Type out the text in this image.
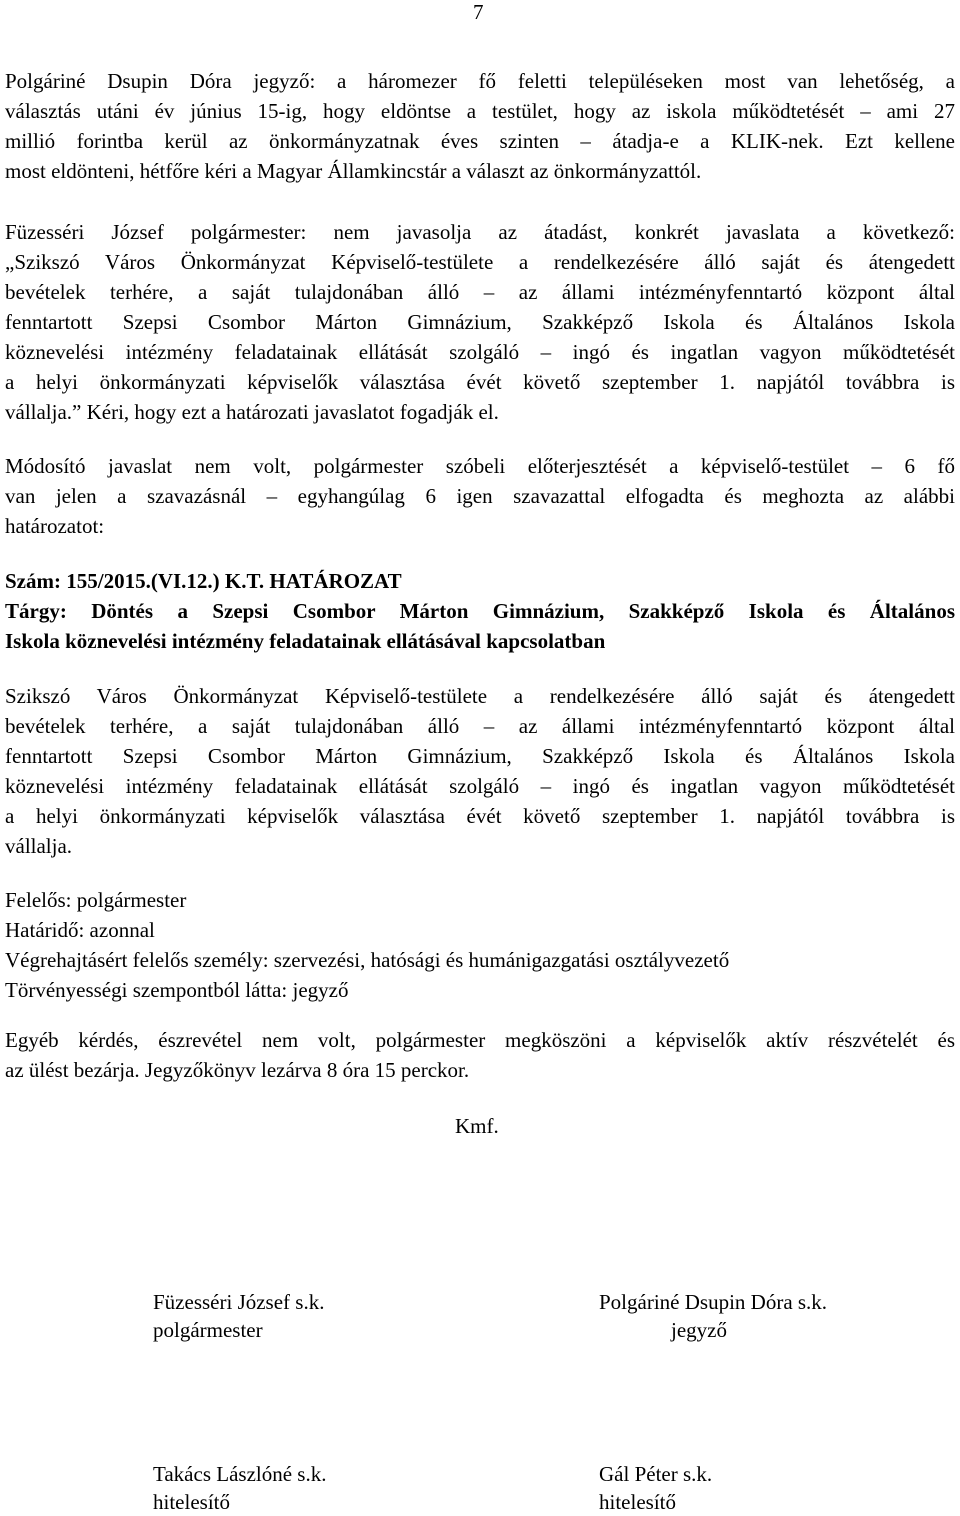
7
Polgáriné Dsupin Dóra jegyző: a háromezer fő feletti településeken most van lehetőség, a
választás utáni év június 15-ig, hogy eldöntse a testület, hogy az iskola működtetését – ami 27
millió forintba kerül az önkormányzatnak éves szinten – átadja-e a KLIK-nek. Ezt kellene
most eldönteni, hétfőre kéri a Magyar Államkincstár a választ az önkormányzattól.
Füzesséri József polgármester: nem javasolja az átadást, konkrét javaslata a következő:
„Szikszó Város Önkormányzat Képviselő-testülete a rendelkezésére álló saját és átengedett
bevételek terhére, a saját tulajdonában álló – az állami intézményfenntartó központ által
fenntartott Szepsi Csombor Márton Gimnázium, Szakképző Iskola és Általános Iskola
köznevelési intézmény feladatainak ellátását szolgáló – ingó és ingatlan vagyon működtetését
a helyi önkormányzati képviselők választása évét követő szeptember 1. napjától továbbra is
vállalja.” Kéri, hogy ezt a határozati javaslatot fogadják el.
Módosító javaslat nem volt, polgármester szóbeli előterjesztését a képviselő-testület – 6 fő
van jelen a szavazásnál – egyhangúlag 6 igen szavazattal elfogadta és meghozta az alábbi
határozatot:
Szám: 155/2015.(VI.12.) K.T. HATÁROZAT
Tárgy: Döntés a Szepsi Csombor Márton Gimnázium, Szakképző Iskola és Általános
Iskola köznevelési intézmény feladatainak ellátásával kapcsolatban
Szikszó Város Önkormányzat Képviselő-testülete a rendelkezésére álló saját és átengedett
bevételek terhére, a saját tulajdonában álló – az állami intézményfenntartó központ által
fenntartott Szepsi Csombor Márton Gimnázium, Szakképző Iskola és Általános Iskola
köznevelési intézmény feladatainak ellátását szolgáló – ingó és ingatlan vagyon működtetését
a helyi önkormányzati képviselők választása évét követő szeptember 1. napjától továbbra is
vállalja.
Felelős: polgármester
Határidő: azonnal
Végrehajtásért felelős személy: szervezési, hatósági és humánigazgatási osztályvezető
Törvényességi szempontból látta: jegyző
Egyéb kérdés, észrevétel nem volt, polgármester megköszöni a képviselők aktív részvételét és
az ülést bezárja. Jegyzőkönyv lezárva 8 óra 15 perckor.
Kmf.
Füzesséri József s.k.
polgármester
Polgáriné Dsupin Dóra s.k.
jegyző
Takács Lászlóné s.k.
hitelesítő
Gál Péter s.k.
hitelesítő
